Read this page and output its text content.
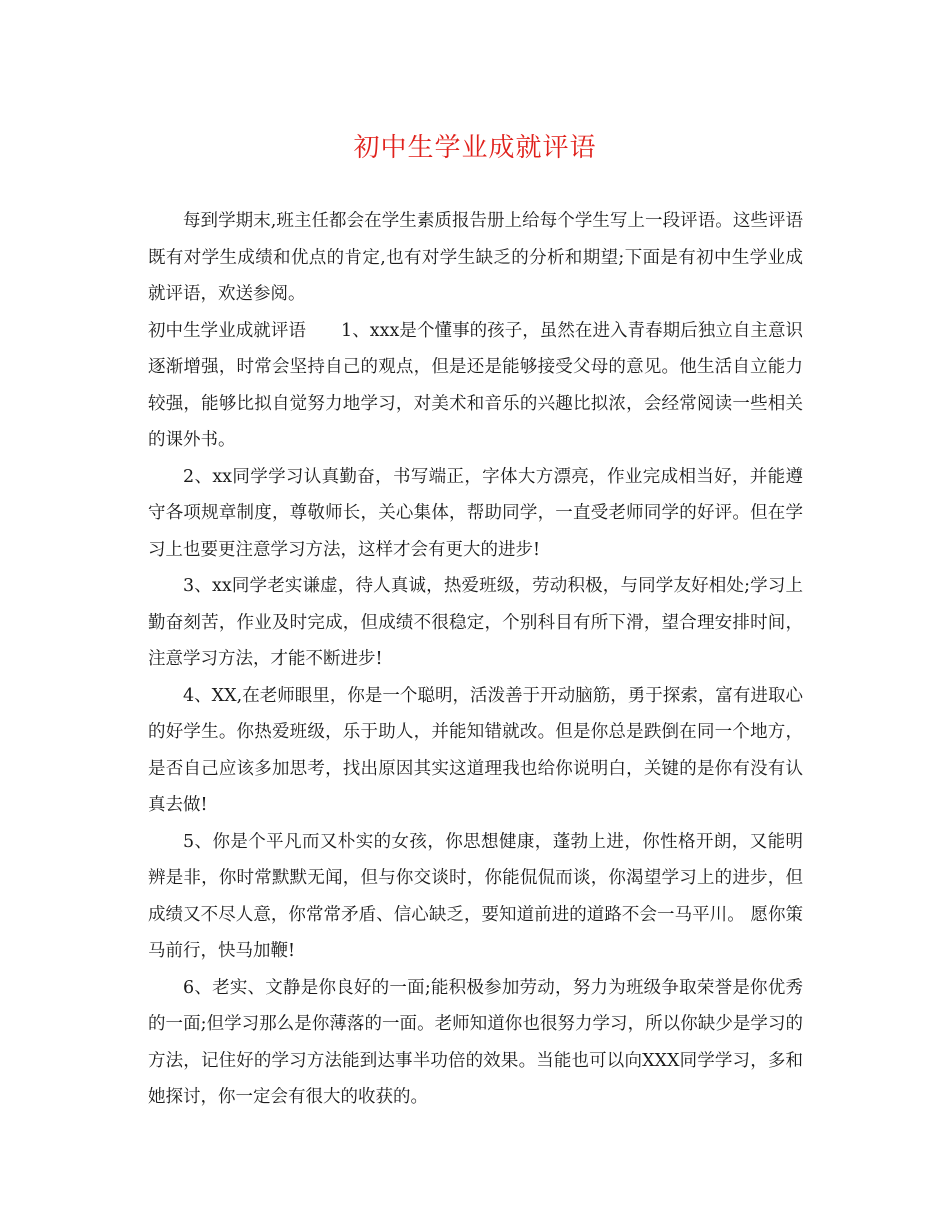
初中生学业成就评语

每到学期末,班主任都会在学生素质报告册上给每个学生写上一段评语。这些评语既有对学生成绩和优点的肯定,也有对学生缺乏的分析和期望;下面是有初中生学业成就评语，欢送参阅。

初中生学业成就评语　　1、xxx是个懂事的孩子，虽然在进入青春期后独立自主意识逐渐增强，时常会坚持自己的观点，但是还是能够接受父母的意见。他生活自立能力较强，能够比拟自觉努力地学习，对美术和音乐的兴趣比拟浓，会经常阅读一些相关的课外书。

2、xx同学学习认真勤奋，书写端正，字体大方漂亮，作业完成相当好，并能遵守各项规章制度，尊敬师长，关心集体，帮助同学，一直受老师同学的好评。但在学习上也要更注意学习方法，这样才会有更大的进步!

3、xx同学老实谦虚，待人真诚，热爱班级，劳动积极，与同学友好相处;学习上勤奋刻苦，作业及时完成，但成绩不很稳定，个别科目有所下滑，望合理安排时间，注意学习方法，才能不断进步!

4、XX,在老师眼里，你是一个聪明，活泼善于开动脑筋，勇于探索，富有进取心的好学生。你热爱班级，乐于助人，并能知错就改。但是你总是跌倒在同一个地方，是否自己应该多加思考，找出原因其实这道理我也给你说明白，关键的是你有没有认真去做!

5、你是个平凡而又朴实的女孩，你思想健康，蓬勃上进，你性格开朗，又能明辨是非，你时常默默无闻，但与你交谈时，你能侃侃而谈，你渴望学习上的进步，但成绩又不尽人意，你常常矛盾、信心缺乏，要知道前进的道路不会一马平川。 愿你策马前行，快马加鞭!

6、老实、文静是你良好的一面;能积极参加劳动，努力为班级争取荣誉是你优秀的一面;但学习那么是你薄落的一面。老师知道你也很努力学习，所以你缺少是学习的方法，记住好的学习方法能到达事半功倍的效果。当能也可以向XXX同学学习，多和她探讨，你一定会有很大的收获的。
